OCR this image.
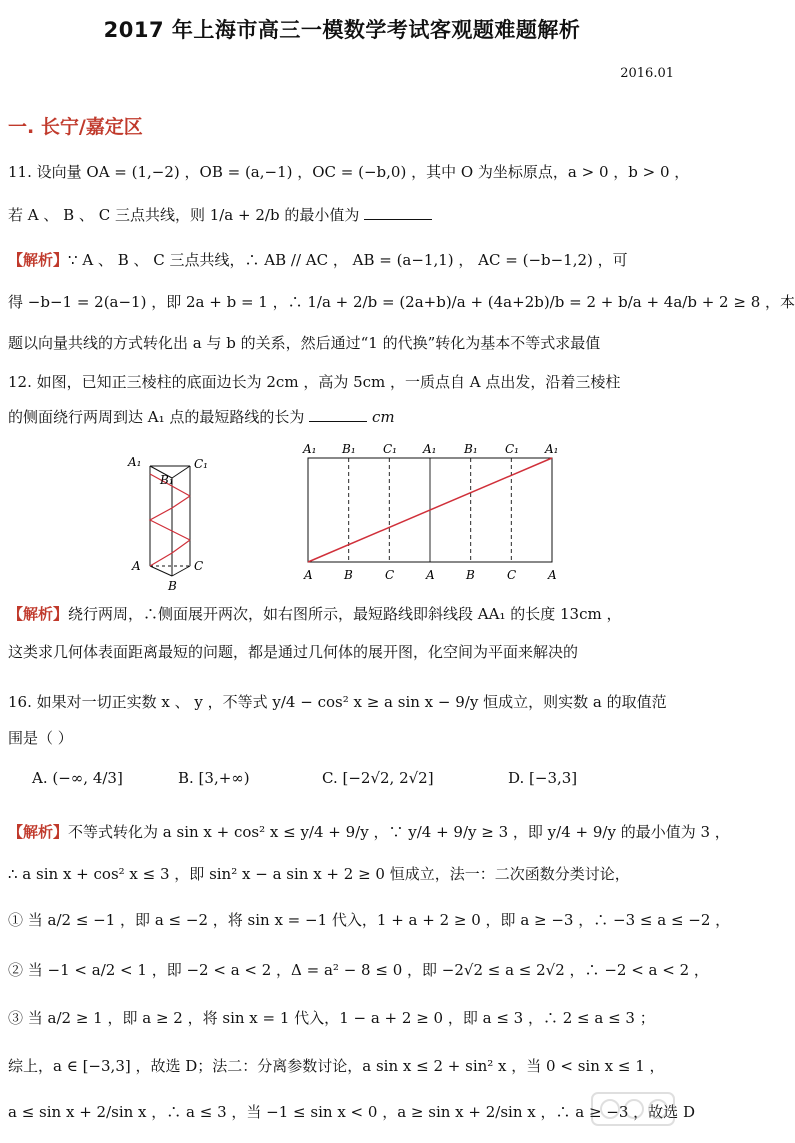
2017 年上海市高三一模数学考试客观题难题解析
2016.01
一. 长宁/嘉定区
11. 设向量 OA = (1,−2) ，OB = (a,−1) ，OC = (−b,0) ，其中 O 为坐标原点，a > 0 ，b > 0 ，
若 A 、 B 、 C 三点共线，则 1/a + 2/b 的最小值为
【解析】∵ A 、 B 、 C 三点共线，∴ AB // AC ， AB = (a−1,1) ， AC = (−b−1,2) ，可
得 −b−1 = 2(a−1) ，即 2a + b = 1 ，∴ 1/a + 2/b = (2a+b)/a + (4a+2b)/b = 2 + b/a + 4a/b + 2 ≥ 8 ，本
题以向量共线的方式转化出 a 与 b 的关系，然后通过“1 的代换”转化为基本不等式求最值
12. 如图，已知正三棱柱的底面边长为 2cm ，高为 5cm ，一质点自 A 点出发，沿着三棱柱
的侧面绕行两周到达 A₁ 点的最短路线的长为	cm
A₁	C₁
B₁
A	C
B
A₁ B₁ C₁ A₁ B₁ C₁ A₁
A	B	C	A	B	C	A
【解析】绕行两周，∴侧面展开两次，如右图所示，最短路线即斜线段 AA₁ 的长度 13cm ，
这类求几何体表面距离最短的问题，都是通过几何体的展开图，化空间为平面来解决的
16. 如果对一切正实数 x 、 y ，不等式 y/4 − cos² x ≥ a sin x − 9/y 恒成立，则实数 a 的取值范
围是（ ）
A. (−∞, 4/3]	B. [3,+∞)	C. [−2√2, 2√2]	D. [−3,3]
【解析】不等式转化为 a sin x + cos² x ≤ y/4 + 9/y ，∵ y/4 + 9/y ≥ 3 ，即 y/4 + 9/y 的最小值为 3 ，
∴ a sin x + cos² x ≤ 3 ，即 sin² x − a sin x + 2 ≥ 0 恒成立，法一：二次函数分类讨论，
① 当 a/2 ≤ −1 ，即 a ≤ −2 ，将 sin x = −1 代入，1 + a + 2 ≥ 0 ，即 a ≥ −3 ，∴ −3 ≤ a ≤ −2 ，
② 当 −1 < a/2 < 1 ，即 −2 < a < 2 ，Δ = a² − 8 ≤ 0 ，即 −2√2 ≤ a ≤ 2√2 ，∴ −2 < a < 2 ，
③ 当 a/2 ≥ 1 ，即 a ≥ 2 ，将 sin x = 1 代入，1 − a + 2 ≥ 0 ，即 a ≤ 3 ，∴ 2 ≤ a ≤ 3 ；
综上，a ∈ [−3,3] ，故选 D；法二：分离参数讨论，a sin x ≤ 2 + sin² x ，当 0 < sin x ≤ 1 ，
a ≤ sin x + 2/sin x ，∴ a ≤ 3 ，当 −1 ≤ sin x < 0 ，a ≥ sin x + 2/sin x ，∴ a ≥ −3 ，故选 D
